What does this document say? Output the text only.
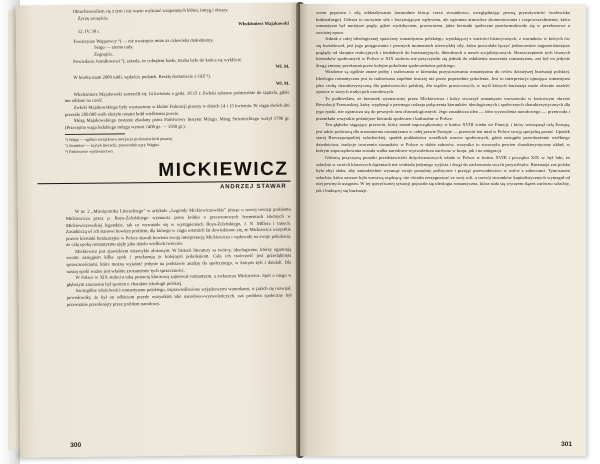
Okrucheowaliem się z tym i nie warto wyliczać wzajemnych kłótni, intryg i obrazy.

Życzę szczęścia.

Włodzimierz Majakowski

12. IV. 30 r.

Towarzysze Wappowcy ⁶) — nie uważajcie mnie za człowieka małoduszny.

Sergo — ziemu rady.

Zegnajcie.

Powiedzcie Jermiłowowi ⁷), szkoda, że cofnąłem hasło, trzeba było do końca się wyklócić.

Wł. M.

W biurku mam 2000 rubli, wpłaćcie podatek. Resztę dostaniecie z GIZ ⁸).

Wł. M.

Włodzimierz Majakowski zastrzelił się 14 kwietnia o godz. 10.15 r. Zwłoki zabrano pośmiertnie do szpitala, gdzie mu oddano na cześć.

Zwłoki Majakowskiego były wystawione w klubie Federacji pisarzy w dniach 14 i 15 kwietnia. W ciągu dwóch dni przeszło 200.000 osób złożyło ostatni hołd wielkiemu poecie.

Mózg Majakowskiego zostanie zbadany przez Państwowy Instytut Mózgu. Mózg Strieżnickiego ważył 1700 gr. (Przeciętna waga ludzkiego mózgu wynosi 1400 gr. — 1550 gr.).

⁶) Wapp — ogólno-związkowa asocjacja proletariackich pisarzy.

⁷) Jermiłow — krytyk literacki, przewodniczący Wappu.

⁸) Państwowe wydawnictwo.

MICKIEWICZ
ANDRZEJ STAWAR

W nr. 2 „Miesięcznika Literackiego” w artykule „Legendy Mickiewiczowskie” pisząc o nowej rewizji problemu Mickiewicza przez p. Boya-Żeleńskiego wyznacza jasno krótko o przewrotowych fermentach istotnych w Mickiewiczowskiej legendzie, tak co wyważale się w wystąpieniach Boya-Żeleńskiego, J. N. Millera i innych. Zasadniczą oś ich stanowi bowiem problem, dla którego w ciągu ostatnich lat dowiedziono się, że Mickiewicz wszystkie prawie kierunki burżuazyjne w Polsce dawali bowiem swoją interpretację Mickiewicza i wpływały na swoje pokolenia, że całą epokę romantyzmu ujęły jako dzieło wielkich twórców.

Mickiewicz jest zjawiskiem niezwykle złożonym. W historii literatury sa twórcy, ideologiczne, którzy ogarniają swoim zasięgiem kilka epok i przekazują je kolejnym pokoleniom. Cała ich twórczość jest przesiąknięta sprzecznościami, które można wyjaśnić jedynie na podstawie analizy tła społecznego, w którym żyli i działali. Dla naszej epoki ważne jest właśnie zrozumienie tych sprzeczności.

W Polsce w XIX stuleciu taką postacią kluczową zajmował romantyzm, a zwłaszcza Mickiewicz. Spór o niego w głębszym znaczeniu był sporem o charakter ideologii polskiej.

Szczególne właściwości romantyzmu polskiego, usprawiedliwione wyjątkowymi warunkami, w jakich się rozwijał, powodowały, że był on odbiciem przede wszystkim idei narodowo-wyzwoleńczych, zaś problem społeczny był przeważnie przesłonięty przez problem narodowy.

300

wiem poprostu i siłą oddziaływania (naturalnie biorąc rzecz stosunkowo, uwzględniając pewną prymitywność środowiska kulturalnego). Uderza to szczytem siła i fascynującym wpływem, ale ogromna atmosfera skomentowania i rozpowszechnienia, która romantyzm był mniejsze pogły, gdzie wydobyciem, przewrotem, jakie kierunki społeczne przeformułowały się w przełomowe a swoistej epoce.

Jednak z całej ideologicznej spuścizny romantyzmu polskiego, wynikającej z wartości historycznych, z warunków w których ów się kształtował, jest jego potęgowanie i pewnych momentach niezwykłej siły, która pozwalała łączyć jednocześnie najprzeróżniejsze poglądy od skrajnie reakcyjnych i feudalnych do burżuazyjnych, liberalnych a nawet socjalistycznych. Rozszczepienie tych licznych kierunków społecznych w Polsce w XIX stuleciu nie przyczyniło się jednak do osłabienia znaczenia romantyzmu, zaś był on jedynie drogą zmiany przekonań przez kolejne pokolenia społeczeństwa polskiego.

Wiadome są ogólnie znane próby i usiłowania w kierunku przystosowania romantyzmu do celów dzisiejszej burżuazji polskiej. Ideologia romantyczna jest tu traktowana zupełnie inaczej niż przez poprzednie pokolenia. Jest to interpretacja ujmująca romantyzm jako cechę charakterystyczną dla państwowości polskiej, dla rządów prawicowych, w myśl których burżuazja może obecnie znaleźć oparcie w starych tradycjach narodowych.

To podkreślam, że kierunek wyznaczony przez Mickiewicza i który stworzył romantyzm warszawski w końcowym okresie Rewolucji Francuskiej, który wypłynął z pewnego rodzaju połączenia kierunków ideologicznych i społecznych charakterystycznych dla jego epoki, nie ogranicza się do pewnych ram chronologicznych. Jego zasadnicza idea — idea wyzwolenia narodowego — przetrwała i przenikała wszystkie późniejsze kierunki społeczne i kulturalne w Polsce.

Ten głęboko sięgający przewrót, który nastał zapoczątkowany w końcu XVIII wieku we Francji, i który wstrząsnął całą Europą, jest także podstawą dla zrozumienia romantyzmu w całej prawie Europie — przewrót ten miał w Polsce swoją specjalną postać. Upadek starej Rzeczypospolitej szlacheckiej, spadek poddaństwa wszelkich warstw społecznych, gdzie nastąpiło przeobrażenie wielkiego dziedzictwa, tradycje tworzenia stosunków w Polsce w dobie zaborów, wszystko to stworzyło pewien charakterystyczny układ, w którym zapoczątkowana została walka narodowo-wyzwoleńcza zarówno w kraju, jak i na emigracji.

Główną przyczyną porażki przedstawicieli dotychczasowych władz w Polsce w końcu XVIII i początku XIX w. był fakt, że szlachta w swoich klasowych dążeniach nie widziała jedynego wyjścia i drogi do zachowania swych przywilejów. Burżuazja zaś polska była zbyt słaba, aby samodzielnie wysunąć swoje postulaty polityczne i przejąć przewodnictwo w walce z zaborcami. Tymczasem szlachta, która zawsze była warstwą rządzącą, nie chciała zrezygnować ze swej roli, a rozwój stosunków kapitalistycznych wymagał od niej pewnych ustępstw. W tej specyficznej sytuacji pojawiła się ideologia romantyczna, która stała się wyrazem dążeń zarówno szlachty, jak i budzącej się burżuazji.

301
